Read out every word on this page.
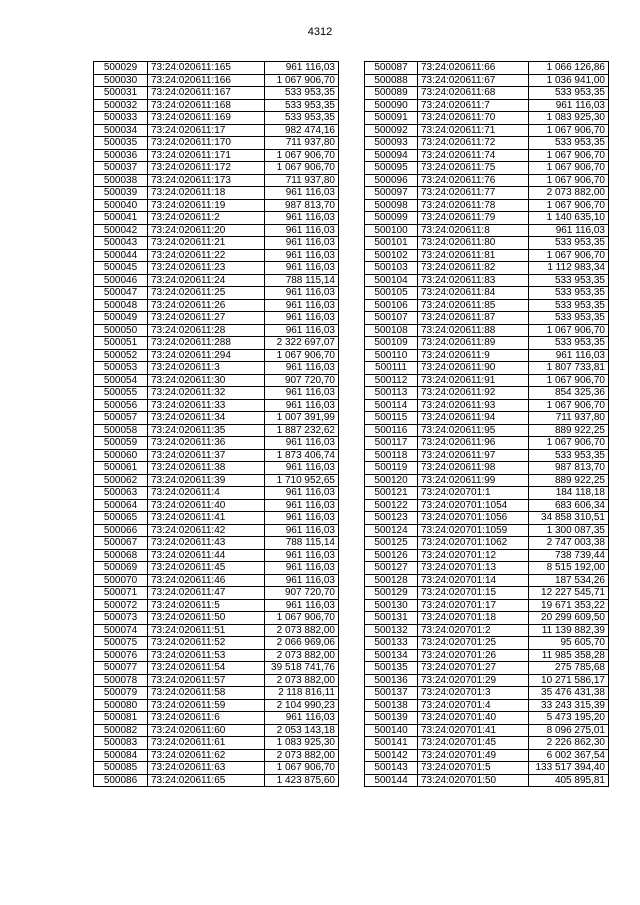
4312
500029	73:24:020611:165	961 116,03
500030	73:24:020611:166	1 067 906,70
500031	73:24:020611:167	533 953,35
500032	73:24:020611:168	533 953,35
500033	73:24:020611:169	533 953,35
500034	73:24:020611:17	982 474,16
500035	73:24:020611:170	711 937,80
500036	73:24:020611:171	1 067 906,70
500037	73:24:020611:172	1 067 906,70
500038	73:24:020611:173	711 937,80
500039	73:24:020611:18	961 116,03
500040	73:24:020611:19	987 813,70
500041	73:24:020611:2	961 116,03
500042	73:24:020611:20	961 116,03
500043	73:24:020611:21	961 116,03
500044	73:24:020611:22	961 116,03
500045	73:24:020611:23	961 116,03
500046	73:24:020611:24	788 115,14
500047	73:24:020611:25	961 116,03
500048	73:24:020611:26	961 116,03
500049	73:24:020611:27	961 116,03
500050	73:24:020611:28	961 116,03
500051	73:24:020611:288	2 322 697,07
500052	73:24:020611:294	1 067 906,70
500053	73:24:020611:3	961 116,03
500054	73:24:020611:30	907 720,70
500055	73:24:020611:32	961 116,03
500056	73:24:020611:33	961 116,03
500057	73:24:020611:34	1 007 391,99
500058	73:24:020611:35	1 887 232,62
500059	73:24:020611:36	961 116,03
500060	73:24:020611:37	1 873 406,74
500061	73:24:020611:38	961 116,03
500062	73:24:020611:39	1 710 952,65
500063	73:24:020611:4	961 116,03
500064	73:24:020611:40	961 116,03
500065	73:24:020611:41	961 116,03
500066	73:24:020611:42	961 116,03
500067	73:24:020611:43	788 115,14
500068	73:24:020611:44	961 116,03
500069	73:24:020611:45	961 116,03
500070	73:24:020611:46	961 116,03
500071	73:24:020611:47	907 720,70
500072	73:24:020611:5	961 116,03
500073	73:24:020611:50	1 067 906,70
500074	73:24:020611:51	2 073 882,00
500075	73:24:020611:52	2 066 969,06
500076	73:24:020611:53	2 073 882,00
500077	73:24:020611:54	39 518 741,76
500078	73:24:020611:57	2 073 882,00
500079	73:24:020611:58	2 118 816,11
500080	73:24:020611:59	2 104 990,23
500081	73:24:020611:6	961 116,03
500082	73:24:020611:60	2 053 143,18
500083	73:24:020611:61	1 083 925,30
500084	73:24:020611:62	2 073 882,00
500085	73:24:020611:63	1 067 906,70
500086	73:24:020611:65	1 423 875,60
500087	73:24:020611:66	1 066 126,86
500088	73:24:020611:67	1 036 941,00
500089	73:24:020611:68	533 953,35
500090	73:24:020611:7	961 116,03
500091	73:24:020611:70	1 083 925,30
500092	73:24:020611:71	1 067 906,70
500093	73:24:020611:72	533 953,35
500094	73:24:020611:74	1 067 906,70
500095	73:24:020611:75	1 067 906,70
500096	73:24:020611:76	1 067 906,70
500097	73:24:020611:77	2 073 882,00
500098	73:24:020611:78	1 067 906,70
500099	73:24:020611:79	1 140 635,10
500100	73:24:020611:8	961 116,03
500101	73:24:020611:80	533 953,35
500102	73:24:020611:81	1 067 906,70
500103	73:24:020611:82	1 112 983,34
500104	73:24:020611:83	533 953,35
500105	73:24:020611:84	533 953,35
500106	73:24:020611:85	533 953,35
500107	73:24:020611:87	533 953,35
500108	73:24:020611:88	1 067 906,70
500109	73:24:020611:89	533 953,35
500110	73:24:020611:9	961 116,03
500111	73:24:020611:90	1 807 733,81
500112	73:24:020611:91	1 067 906,70
500113	73:24:020611:92	854 325,36
500114	73:24:020611:93	1 067 906,70
500115	73:24:020611:94	711 937,80
500116	73:24:020611:95	889 922,25
500117	73:24:020611:96	1 067 906,70
500118	73:24:020611:97	533 953,35
500119	73:24:020611:98	987 813,70
500120	73:24:020611:99	889 922,25
500121	73:24:020701:1	184 118,18
500122	73:24:020701:1054	683 606,34
500123	73:24:020701:1056	34 858 310,51
500124	73:24:020701:1059	1 300 087,35
500125	73:24:020701:1062	2 747 003,38
500126	73:24:020701:12	738 739,44
500127	73:24:020701:13	8 515 192,00
500128	73:24:020701:14	187 534,26
500129	73:24:020701:15	12 227 545,71
500130	73:24:020701:17	19 671 353,22
500131	73:24:020701:18	20 299 609,50
500132	73:24:020701:2	11 139 882,39
500133	73:24:020701:25	95 605,70
500134	73:24:020701:26	11 985 358,28
500135	73:24:020701:27	275 785,68
500136	73:24:020701:29	10 271 586,17
500137	73:24:020701:3	35 476 431,38
500138	73:24:020701:4	33 243 315,39
500139	73:24:020701:40	5 473 195,20
500140	73:24:020701:41	8 096 275,01
500141	73:24:020701:45	2 226 862,30
500142	73:24:020701:49	6 002 367,54
500143	73:24:020701:5	133 517 394,40
500144	73:24:020701:50	405 895,81
